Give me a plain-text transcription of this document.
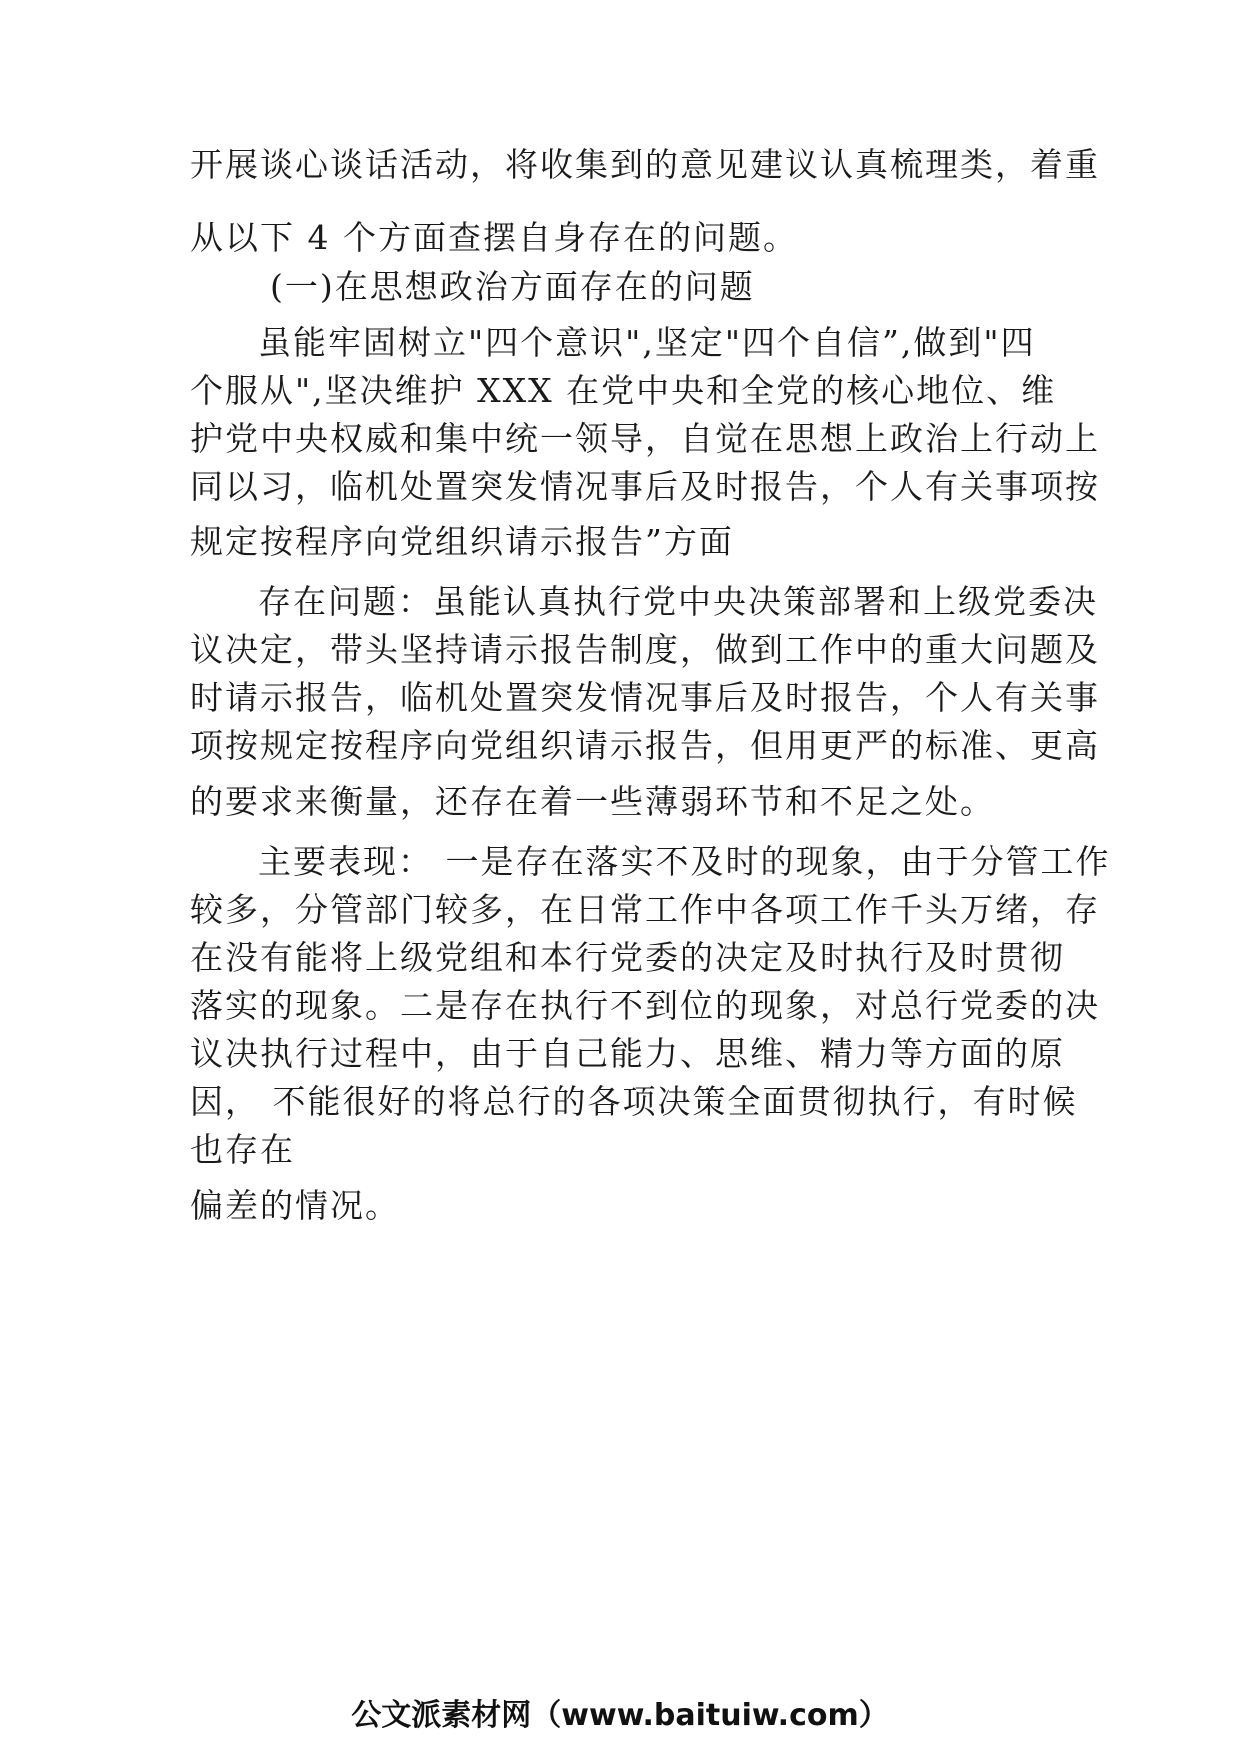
开展谈心谈话活动，将收集到的意见建议认真梳理类，着重
从以下 4 个方面查摆自身存在的问题。
(一)在思想政治方面存在的问题
虽能牢固树立"四个意识",坚定"四个自信”,做到"四
个服从",坚决维护 XXX 在党中央和全党的核心地位、维
护党中央权威和集中统一领导，自觉在思想上政治上行动上
同以习，临机处置突发情况事后及时报告，个人有关事项按
规定按程序向党组织请示报告”方面
存在问题：虽能认真执行党中央决策部署和上级党委决
议决定，带头坚持请示报告制度，做到工作中的重大问题及
时请示报告，临机处置突发情况事后及时报告，个人有关事
项按规定按程序向党组织请示报告，但用更严的标准、更高
的要求来衡量，还存在着一些薄弱环节和不足之处。
主要表现： 一是存在落实不及时的现象，由于分管工作
较多，分管部门较多，在日常工作中各项工作千头万绪，存
在没有能将上级党组和本行党委的决定及时执行及时贯彻
落实的现象。二是存在执行不到位的现象，对总行党委的决
议决执行过程中，由于自己能力、思维、精力等方面的原
因， 不能很好的将总行的各项决策全面贯彻执行，有时候
也存在
偏差的情况。
公文派素材网（www.baituiw.com）
